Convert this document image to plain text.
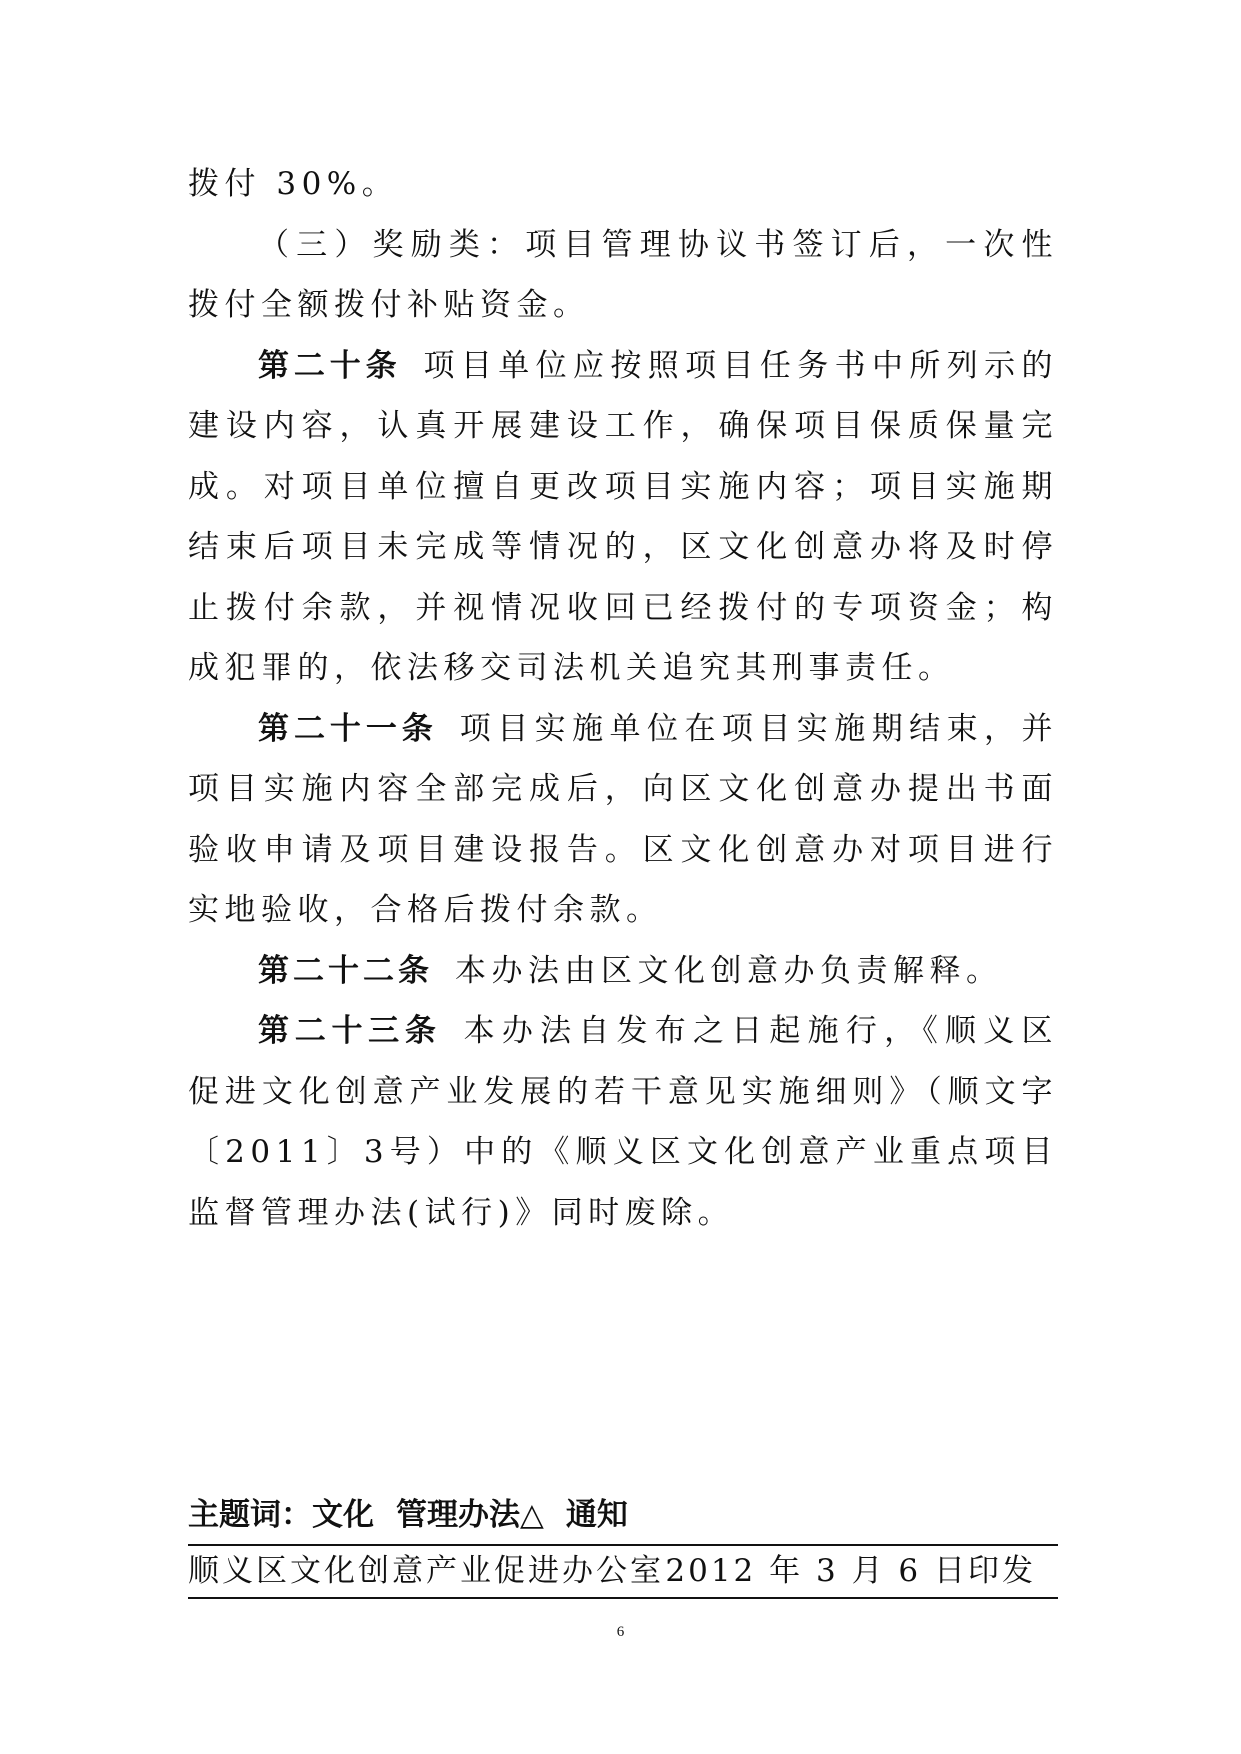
拨付 30%。

（三）奖励类：项目管理协议书签订后，一次性拨付全额拨付补贴资金。

第二十条 项目单位应按照项目任务书中所列示的建设内容，认真开展建设工作，确保项目保质保量完成。对项目单位擅自更改项目实施内容；项目实施期结束后项目未完成等情况的，区文化创意办将及时停止拨付余款，并视情况收回已经拨付的专项资金；构成犯罪的，依法移交司法机关追究其刑事责任。

第二十一条 项目实施单位在项目实施期结束，并项目实施内容全部完成后，向区文化创意办提出书面验收申请及项目建设报告。区文化创意办对项目进行实地验收，合格后拨付余款。

第二十二条 本办法由区文化创意办负责解释。

第二十三条 本办法自发布之日起施行，《顺义区促进文化创意产业发展的若干意见实施细则》（顺文字〔2011〕3号）中的《顺义区文化创意产业重点项目监督管理办法(试行)》同时废除。

主题词：文化 管理办法△ 通知
顺义区文化创意产业促进办公室 2012 年 3 月 6 日印发
6
